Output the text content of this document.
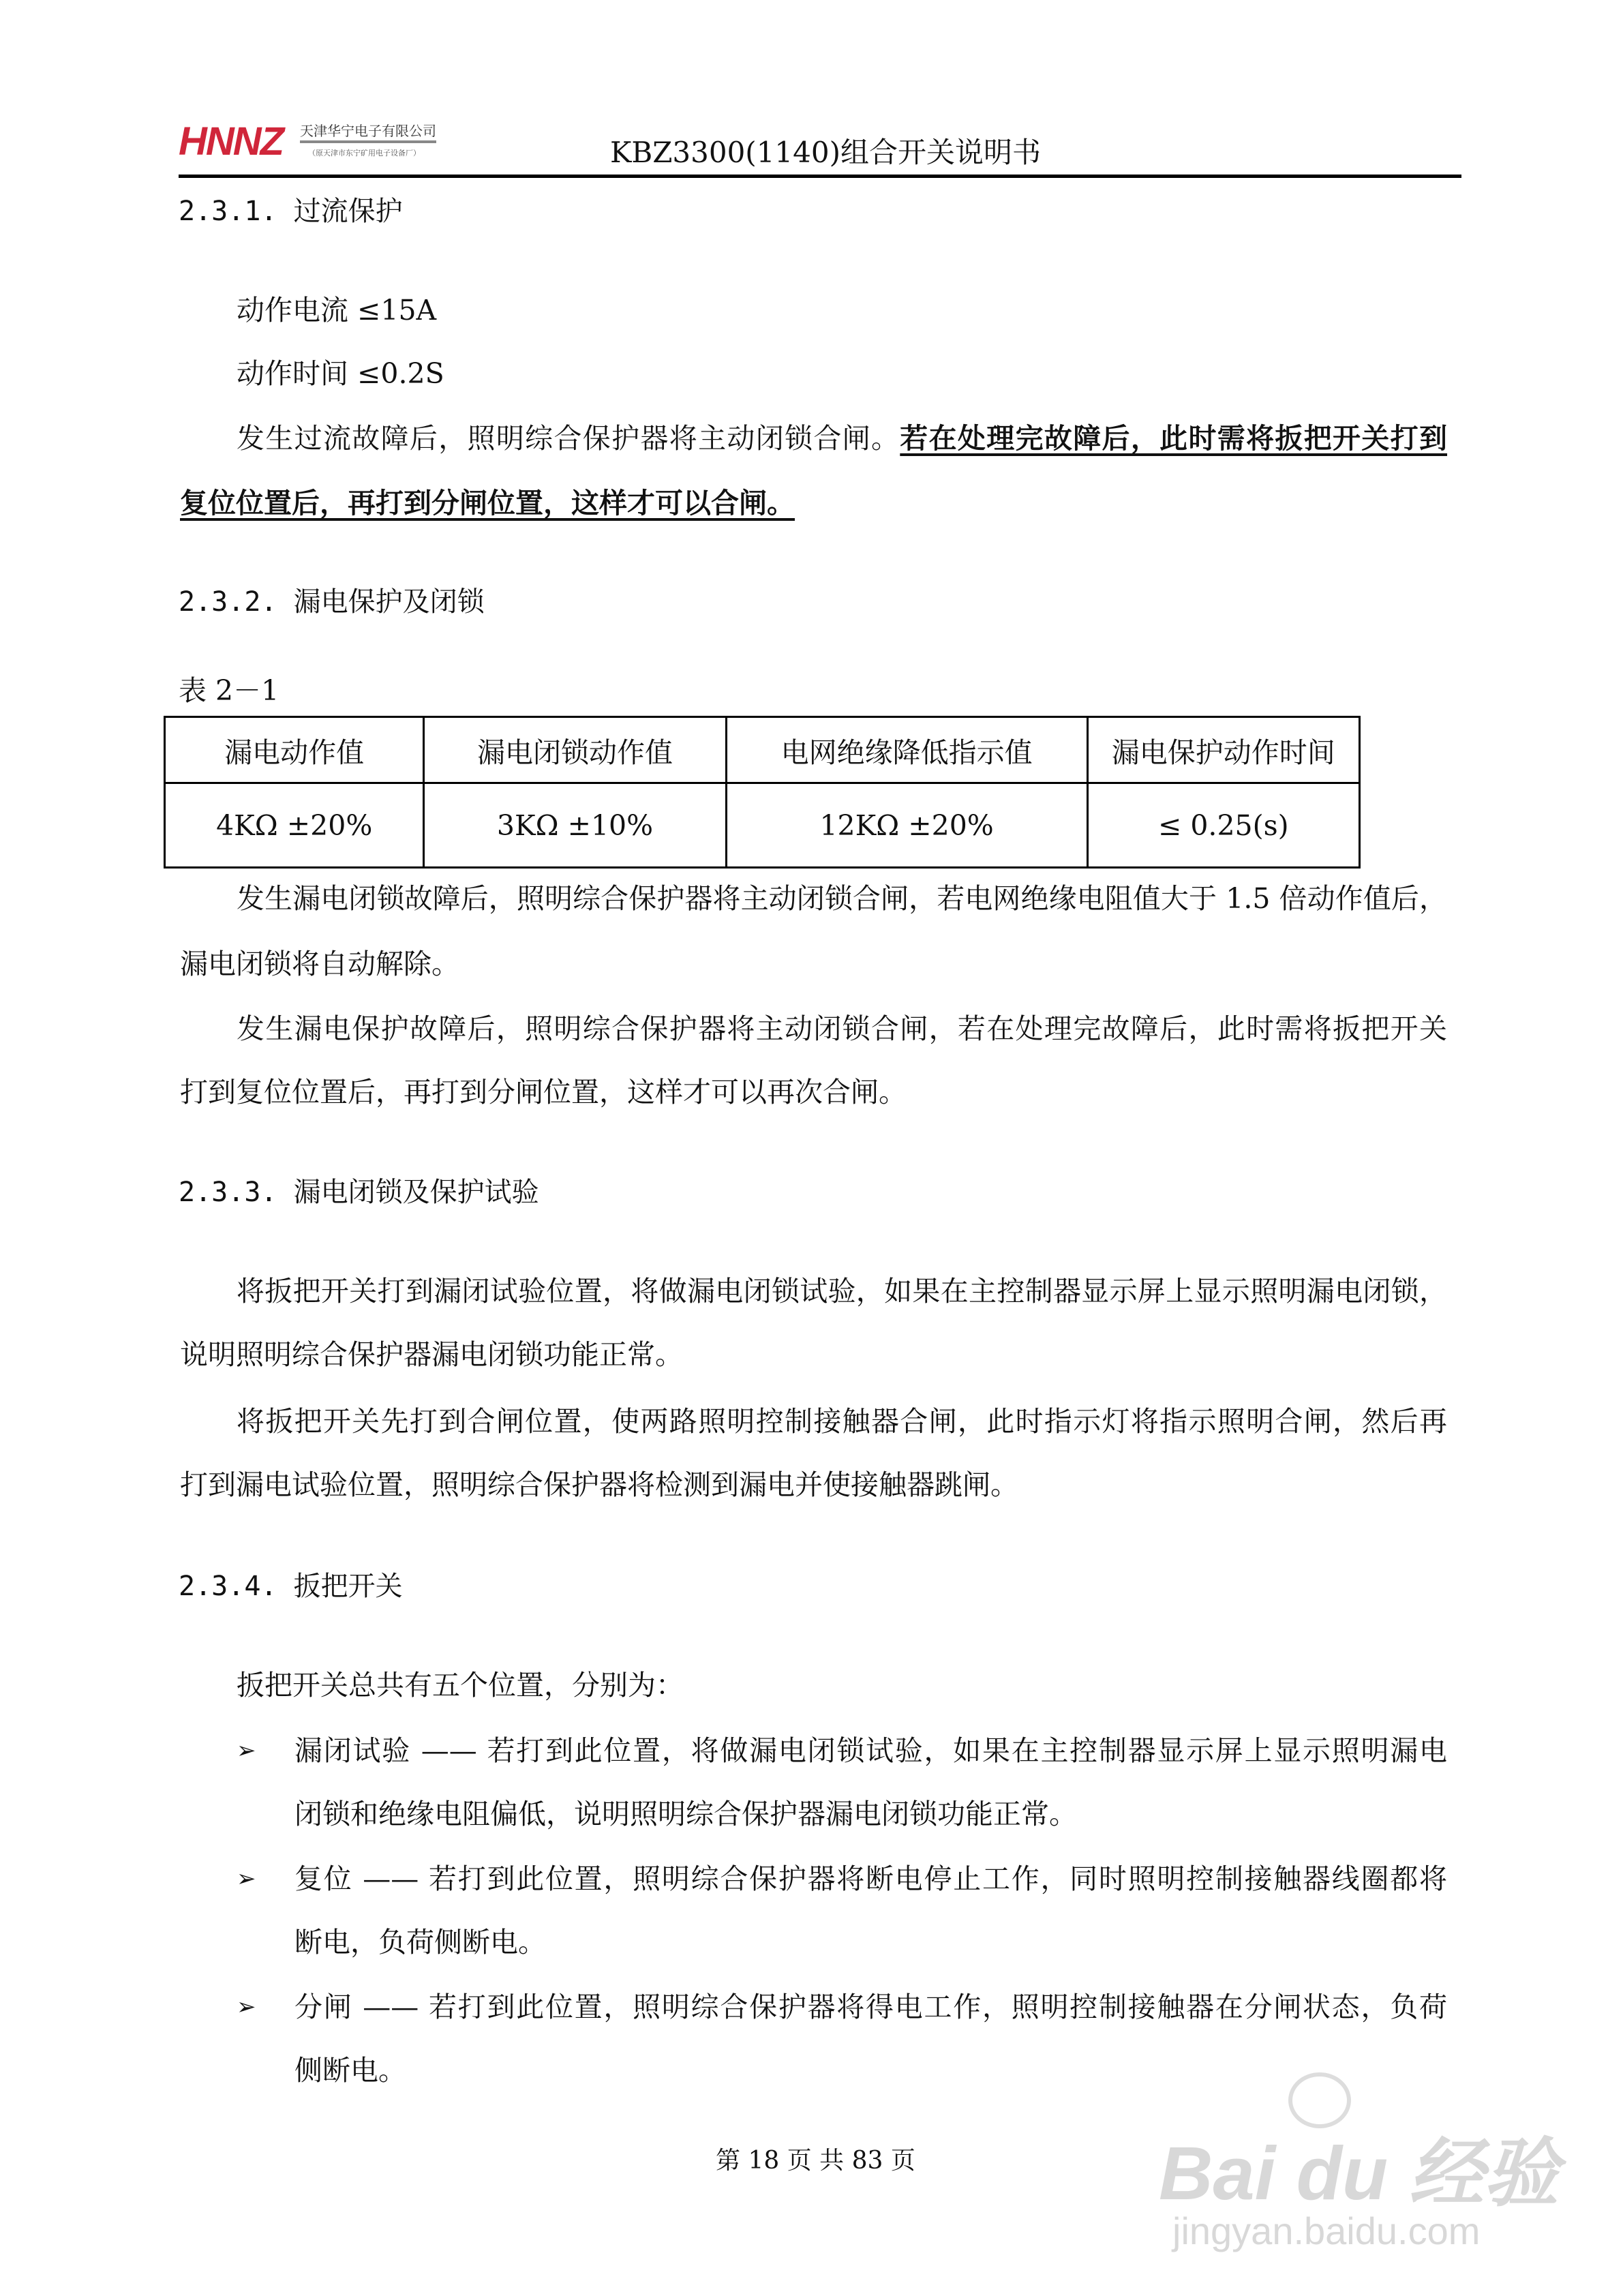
HNNZ 天津华宁电子有限公司
（原天津市东宁矿用电子设备厂）	KBZ3300(1140)组合开关说明书
2.3.1. 过流保护
动作电流 ≤15A
动作时间 ≤0.2S
发生过流故障后，照明综合保护器将主动闭锁合闸。若在处理完故障后，此时需将扳把开关打到
复位位置后，再打到分闸位置，这样才可以合闸。
2.3.2. 漏电保护及闭锁
表 2－1
漏电动作值	漏电闭锁动作值	电网绝缘降低指示值	漏电保护动作时间
4KΩ ±20%	3KΩ ±10%	12KΩ ±20%	≤ 0.25(s)
发生漏电闭锁故障后，照明综合保护器将主动闭锁合闸，若电网绝缘电阻值大于 1.5 倍动作值后，
漏电闭锁将自动解除。
发生漏电保护故障后，照明综合保护器将主动闭锁合闸，若在处理完故障后，此时需将扳把开关
打到复位位置后，再打到分闸位置，这样才可以再次合闸。
2.3.3. 漏电闭锁及保护试验
将扳把开关打到漏闭试验位置，将做漏电闭锁试验，如果在主控制器显示屏上显示照明漏电闭锁，
说明照明综合保护器漏电闭锁功能正常。
将扳把开关先打到合闸位置，使两路照明控制接触器合闸，此时指示灯将指示照明合闸，然后再
打到漏电试验位置，照明综合保护器将检测到漏电并使接触器跳闸。
2.3.4. 扳把开关
扳把开关总共有五个位置，分别为：
➢ 漏闭试验 —— 若打到此位置，将做漏电闭锁试验，如果在主控制器显示屏上显示照明漏电
闭锁和绝缘电阻偏低，说明照明综合保护器漏电闭锁功能正常。
➢ 复位 —— 若打到此位置，照明综合保护器将断电停止工作，同时照明控制接触器线圈都将
断电，负荷侧断电。
➢ 分闸 —— 若打到此位置，照明综合保护器将得电工作，照明控制接触器在分闸状态，负荷
侧断电。
第 18 页 共 83 页	Bai du 经验
jingyan.baidu.com
